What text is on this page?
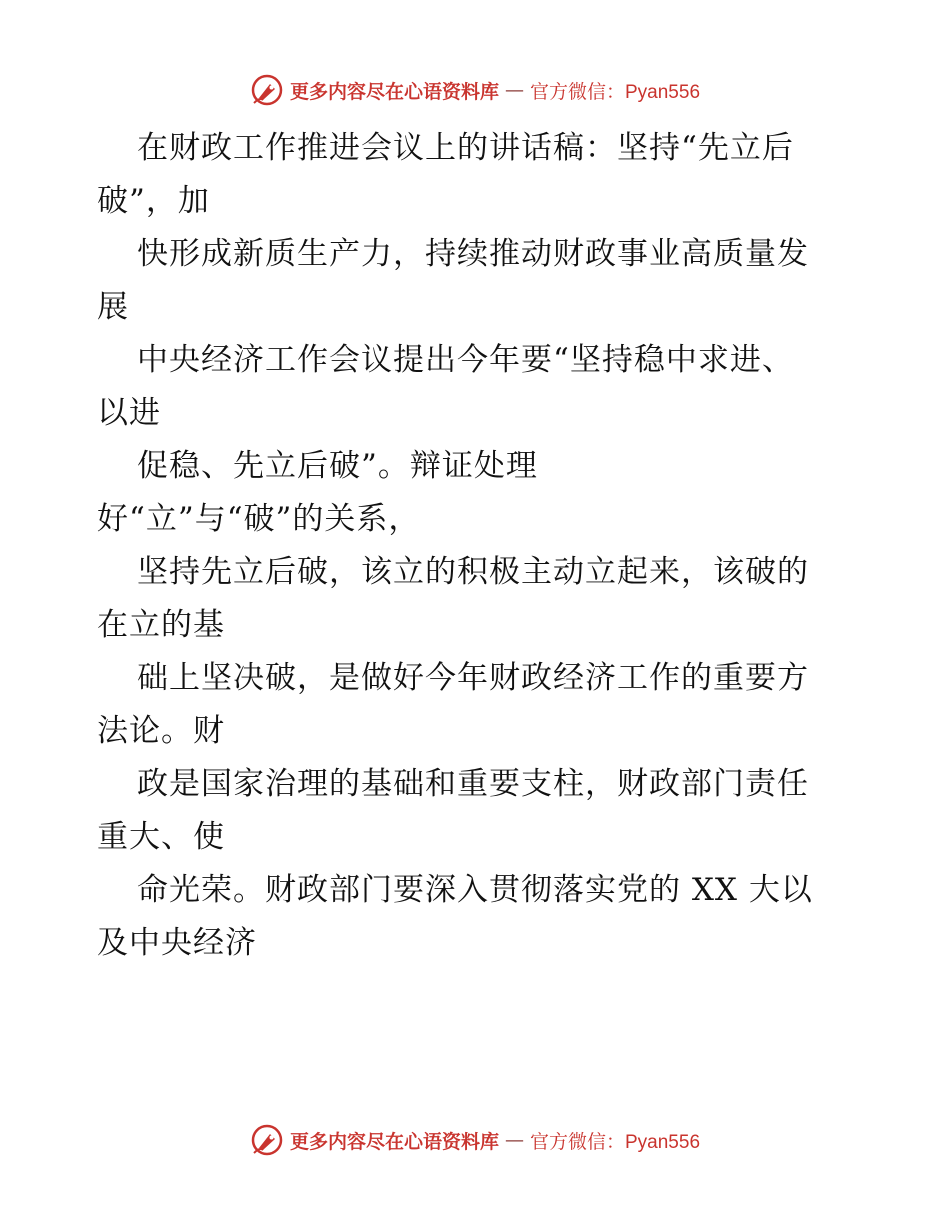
更多内容尽在心语资料库 — 官方微信：Pyan556
在财政工作推进会议上的讲话稿：坚持“先立后
破”，加
快形成新质生产力，持续推动财政事业高质量发
展
中央经济工作会议提出今年要“坚持稳中求进、
以进
促稳、先立后破”。辩证处理
好“立”与“破”的关系，
坚持先立后破，该立的积极主动立起来，该破的
在立的基
础上坚决破，是做好今年财政经济工作的重要方
法论。财
政是国家治理的基础和重要支柱，财政部门责任
重大、使
命光荣。财政部门要深入贯彻落实党的 XX 大以
及中央经济
更多内容尽在心语资料库 — 官方微信：Pyan556
